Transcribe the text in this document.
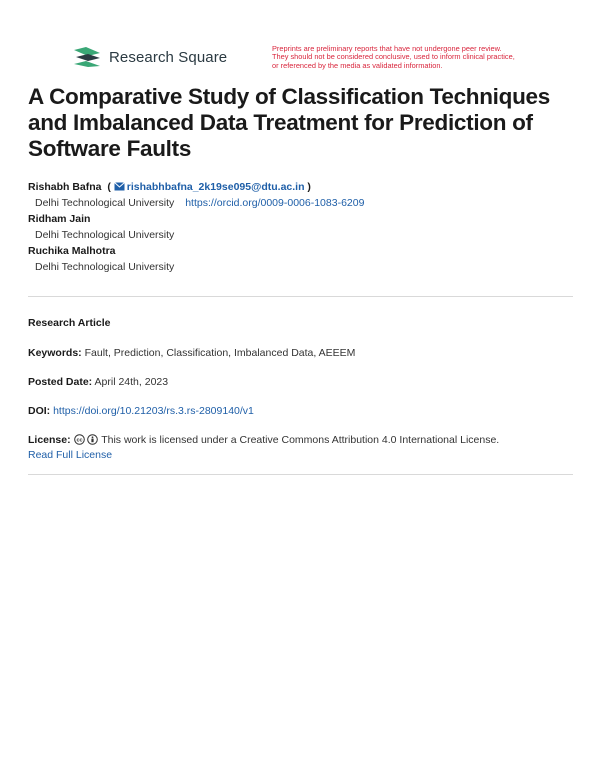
Research Square	Preprints are preliminary reports that have not undergone peer review.
They should not be considered conclusive, used to inform clinical practice,
or referenced by the media as validated information.
A Comparative Study of Classification Techniques and Imbalanced Data Treatment for Prediction of Software Faults
Rishabh Bafna  ( rishabhbafna_2k19se095@dtu.ac.in )
Delhi Technological University https://orcid.org/0009-0006-1083-6209
Ridham Jain
Delhi Technological University
Ruchika Malhotra
Delhi Technological University
Research Article
Keywords: Fault, Prediction, Classification, Imbalanced Data, AEEEM
Posted Date: April 24th, 2023
DOI: https://doi.org/10.21203/rs.3.rs-2809140/v1
License: cc This work is licensed under a Creative Commons Attribution 4.0 International License.
Read Full License
